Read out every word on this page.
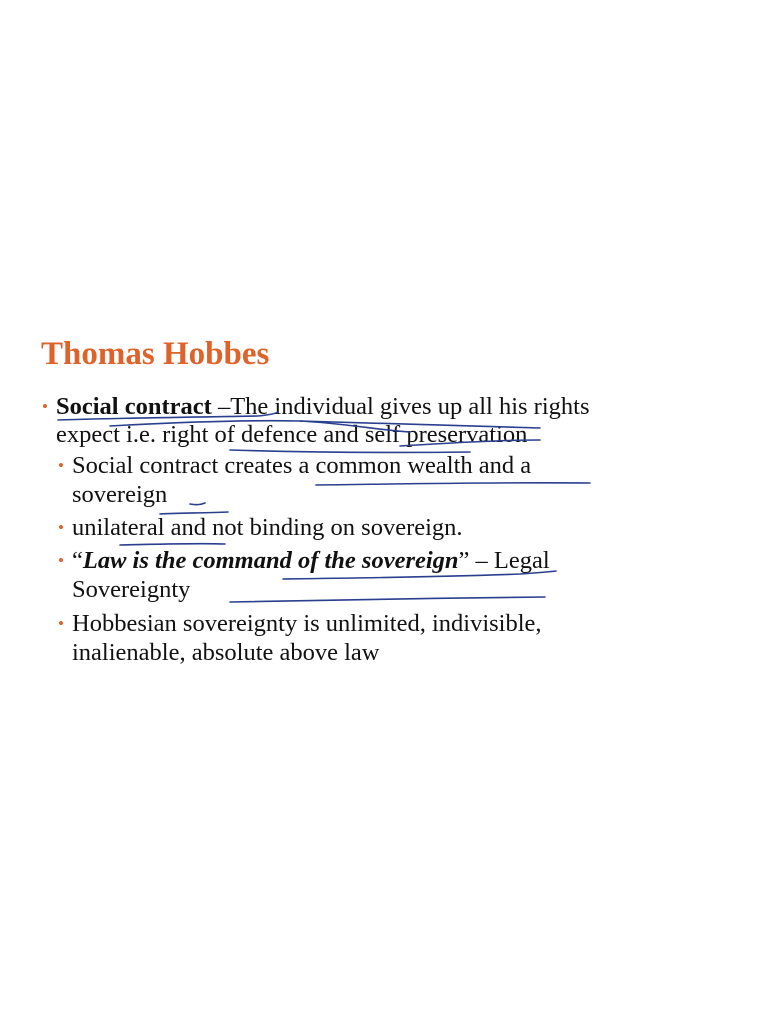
Thomas Hobbes
• Social contract –The individual gives up all his rights
expect i.e. right of defence and self preservation
• Social contract creates a common wealth and a
sovereign
• unilateral and not binding on sovereign.
• “Law is the command of the sovereign” – Legal
Sovereignty
• Hobbesian sovereignty is unlimited, indivisible,
inalienable, absolute above law
